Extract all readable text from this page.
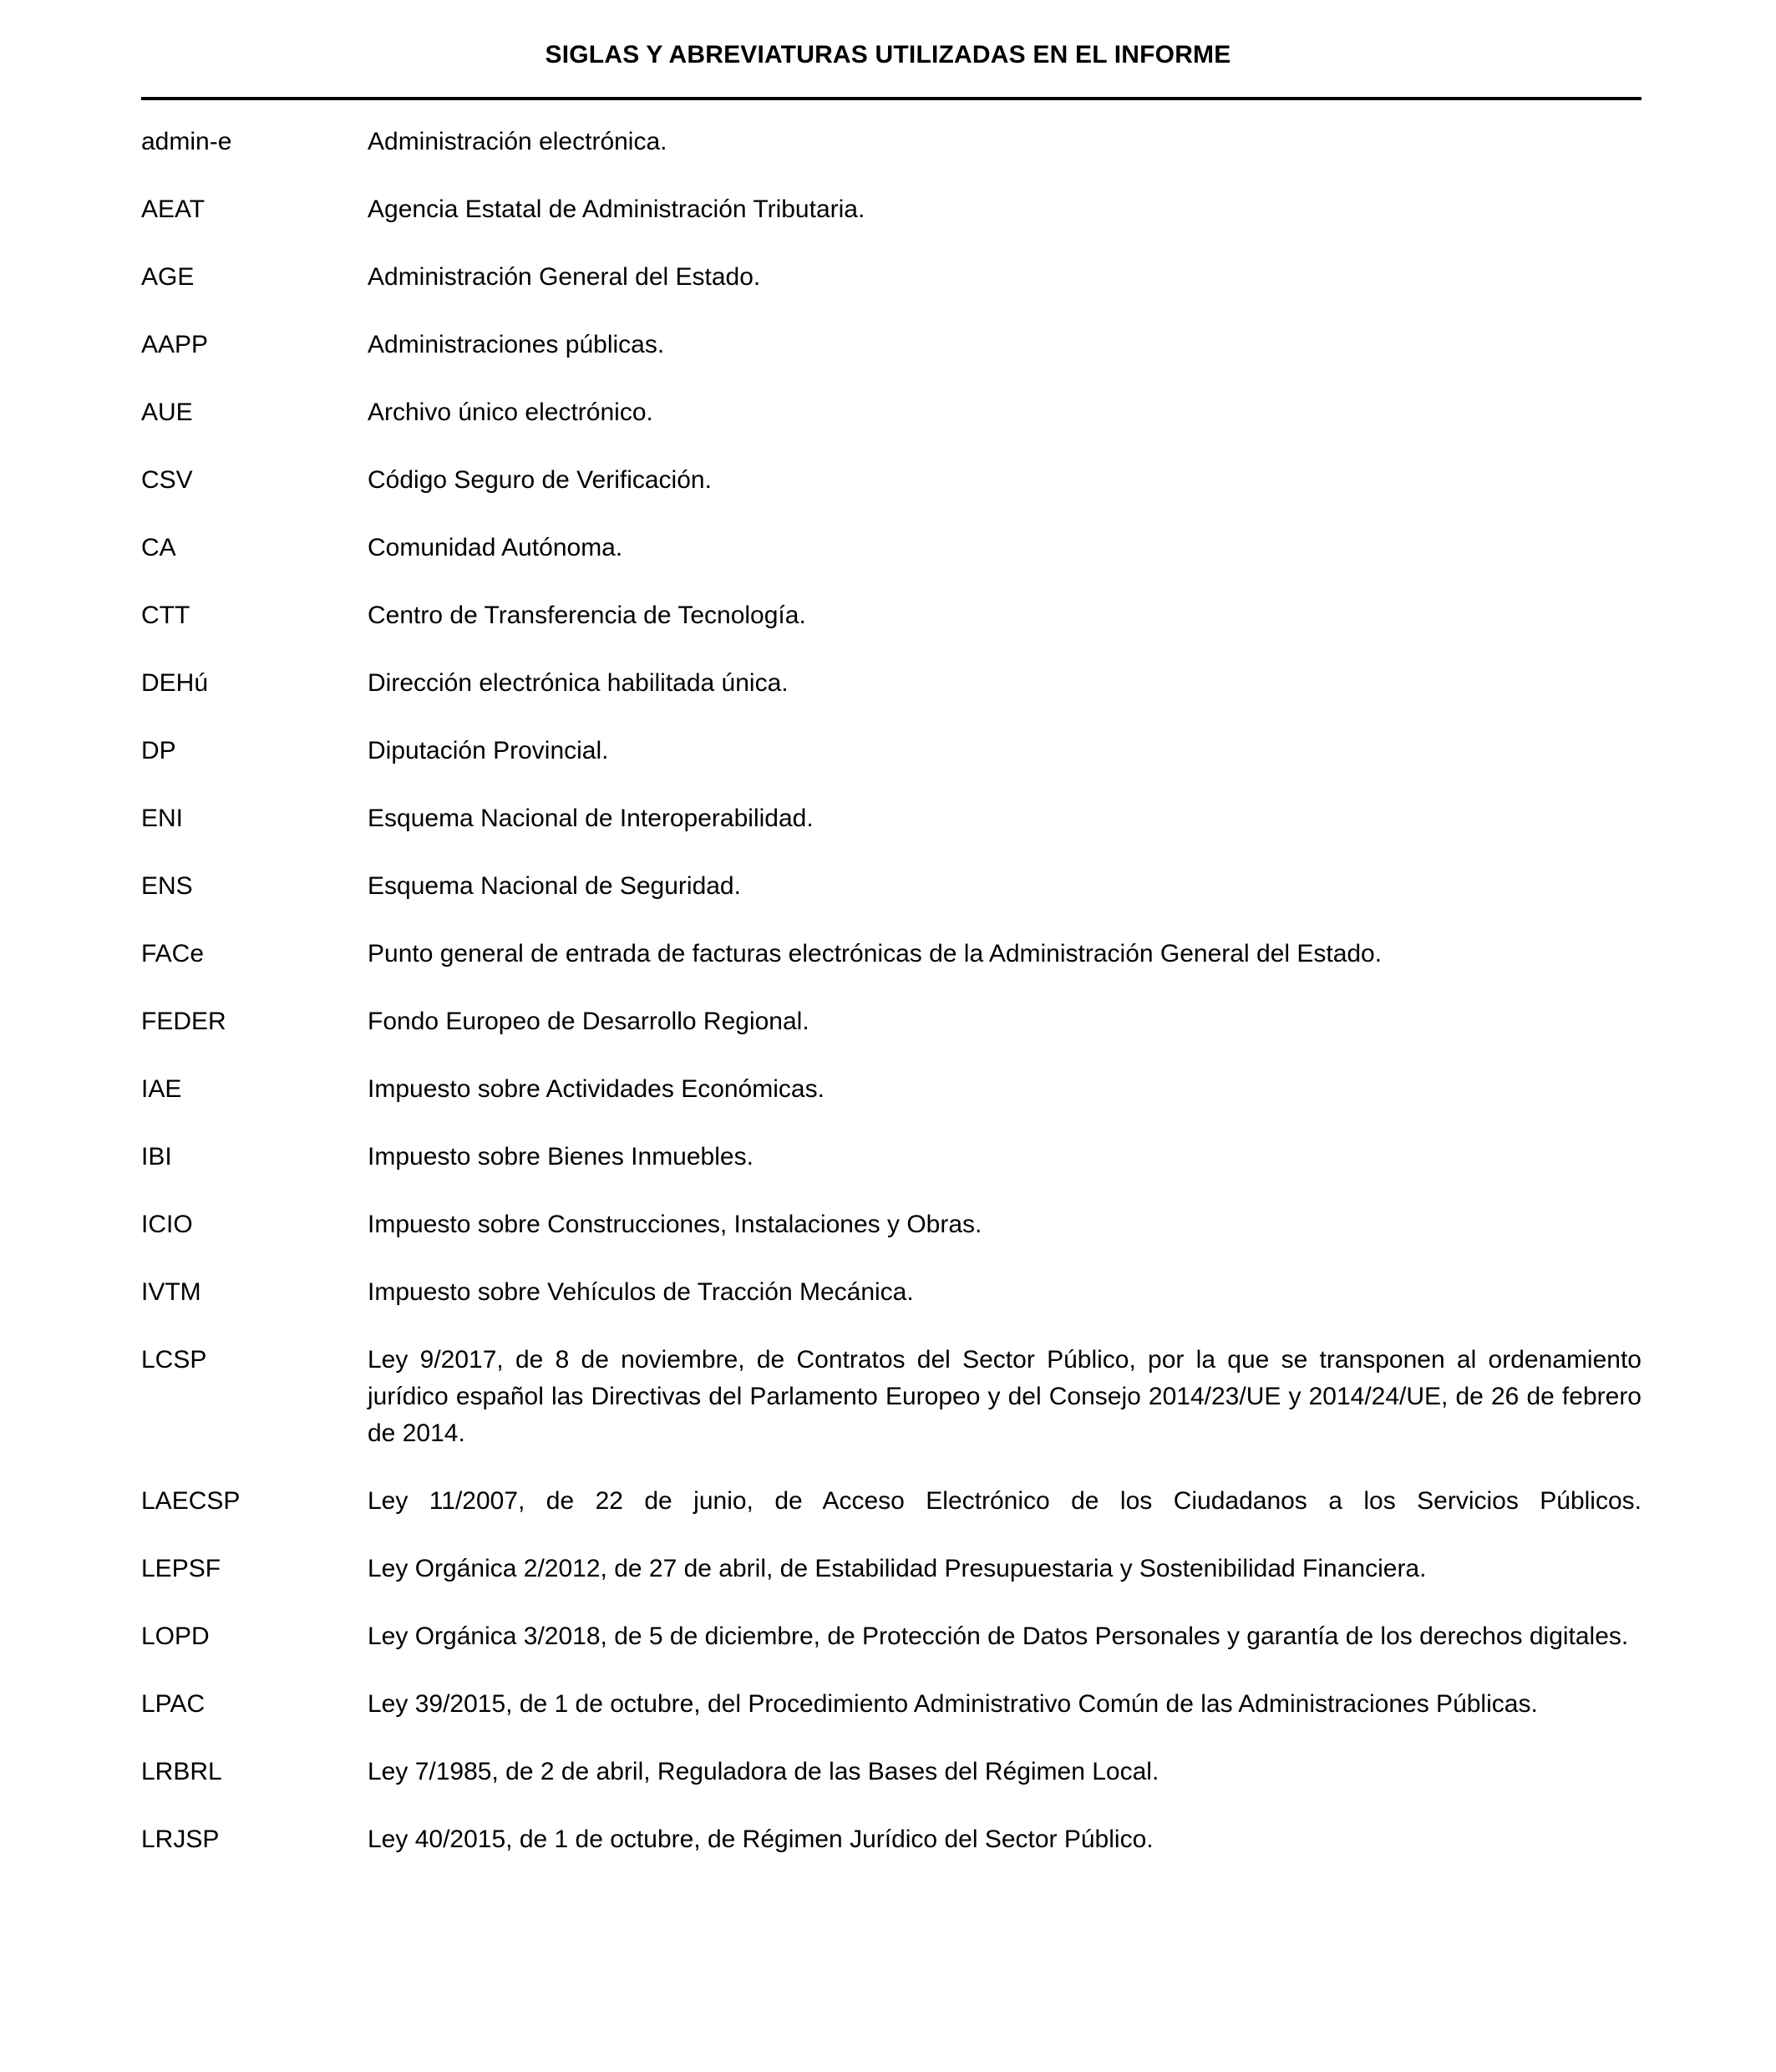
SIGLAS Y ABREVIATURAS UTILIZADAS EN EL INFORME
admin-e	Administración electrónica.
AEAT	Agencia Estatal de Administración Tributaria.
AGE	Administración General del Estado.
AAPP	Administraciones públicas.
AUE	Archivo único electrónico.
CSV	Código Seguro de Verificación.
CA	Comunidad Autónoma.
CTT	Centro de Transferencia de Tecnología.
DEHú	Dirección electrónica habilitada única.
DP	Diputación Provincial.
ENI	Esquema Nacional de Interoperabilidad.
ENS	Esquema Nacional de Seguridad.
FACe	Punto general de entrada de facturas electrónicas de la Administración General del Estado.
FEDER	Fondo Europeo de Desarrollo Regional.
IAE	Impuesto sobre Actividades Económicas.
IBI	Impuesto sobre Bienes Inmuebles.
ICIO	Impuesto sobre Construcciones, Instalaciones y Obras.
IVTM	Impuesto sobre Vehículos de Tracción Mecánica.
LCSP	Ley 9/2017, de 8 de noviembre, de Contratos del Sector Público, por la que se transponen al ordenamiento jurídico español las Directivas del Parlamento Europeo y del Consejo 2014/23/UE y 2014/24/UE, de 26 de febrero de 2014.
LAECSP	Ley 11/2007, de 22 de junio, de Acceso Electrónico de los Ciudadanos a los Servicios Públicos.
LEPSF	Ley Orgánica 2/2012, de 27 de abril, de Estabilidad Presupuestaria y Sostenibilidad Financiera.
LOPD	Ley Orgánica 3/2018, de 5 de diciembre, de Protección de Datos Personales y garantía de los derechos digitales.
LPAC	Ley 39/2015, de 1 de octubre, del Procedimiento Administrativo Común de las Administraciones Públicas.
LRBRL	Ley 7/1985, de 2 de abril, Reguladora de las Bases del Régimen Local.
LRJSP	Ley 40/2015, de 1 de octubre, de Régimen Jurídico del Sector Público.
